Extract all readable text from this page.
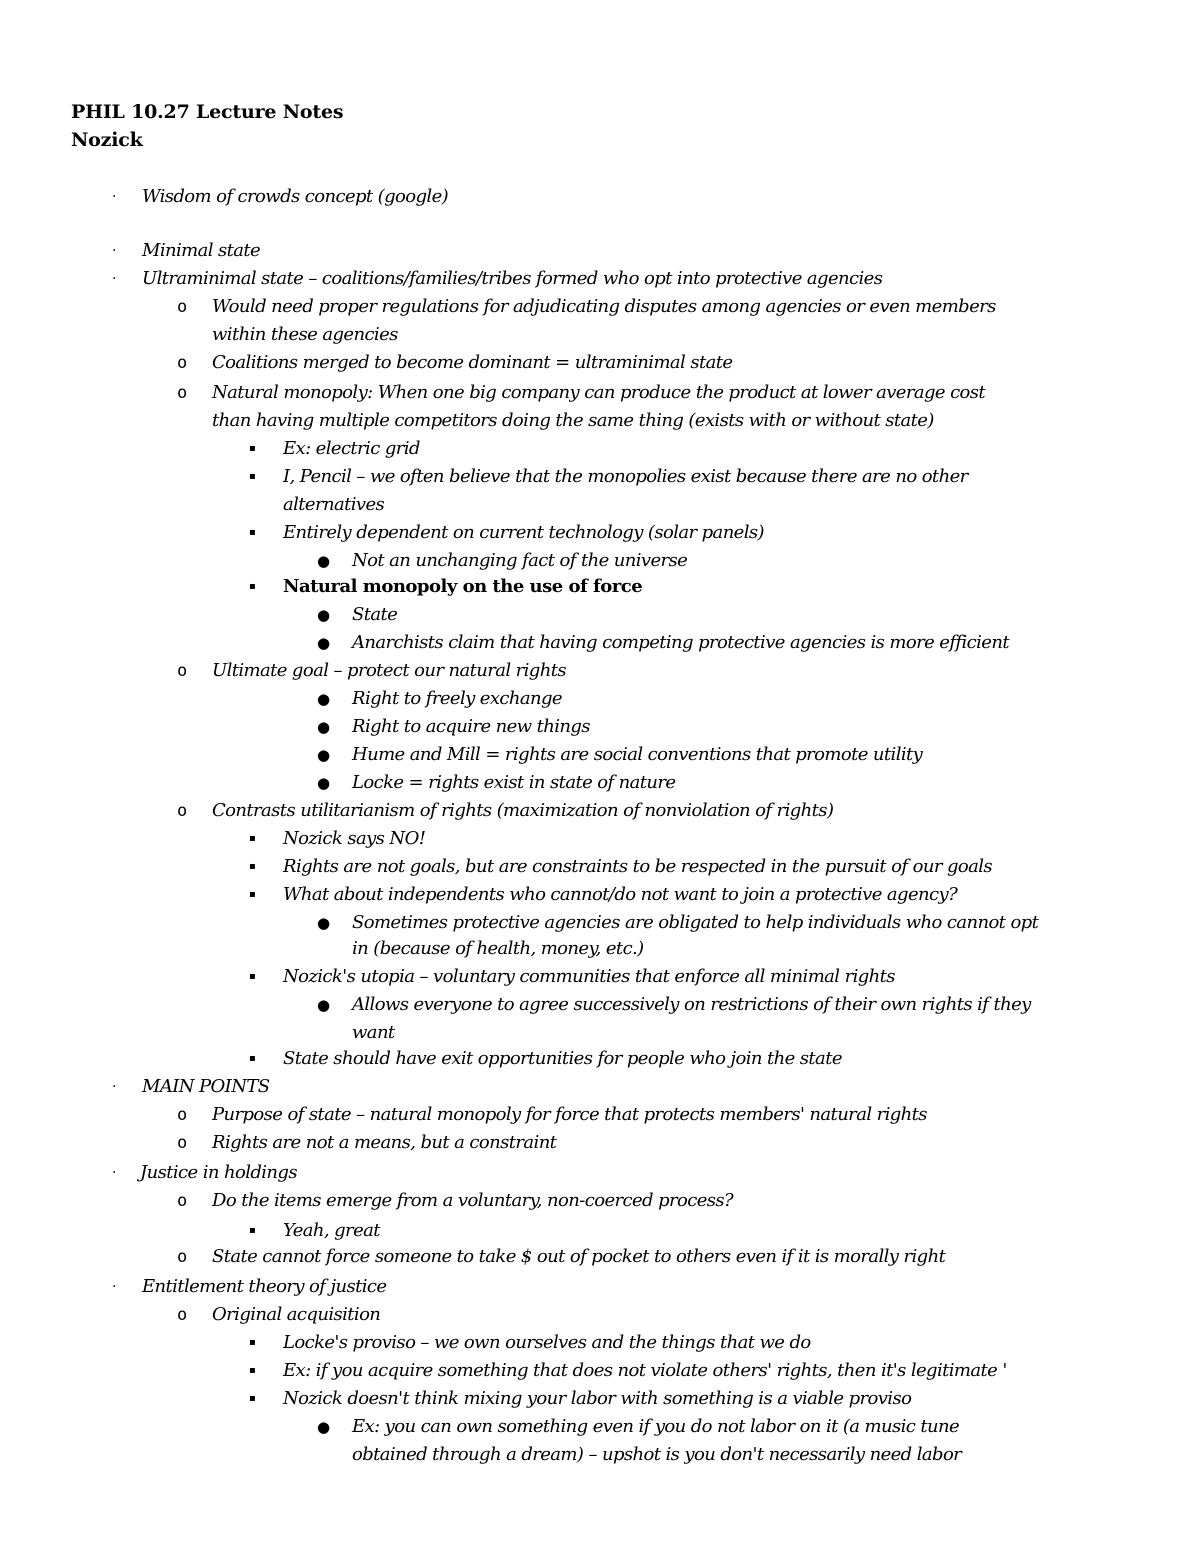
PHIL 10.27 Lecture Notes
Nozick
· Wisdom of crowds concept (google)
· Minimal state
· Ultraminimal state – coalitions/families/tribes formed who opt into protective agencies
o Would need proper regulations for adjudicating disputes among agencies or even members
within these agencies
o Coalitions merged to become dominant = ultraminimal state
o Natural monopoly: When one big company can produce the product at lower average cost
than having multiple competitors doing the same thing (exists with or without state)
▪ Ex: electric grid
▪ I, Pencil – we often believe that the monopolies exist because there are no other
alternatives
▪ Entirely dependent on current technology (solar panels)
● Not an unchanging fact of the universe
▪ Natural monopoly on the use of force
● State
● Anarchists claim that having competing protective agencies is more efficient
o Ultimate goal – protect our natural rights
● Right to freely exchange
● Right to acquire new things
● Hume and Mill = rights are social conventions that promote utility
● Locke = rights exist in state of nature
o Contrasts utilitarianism of rights (maximization of nonviolation of rights)
▪ Nozick says NO!
▪ Rights are not goals, but are constraints to be respected in the pursuit of our goals
▪ What about independents who cannot/do not want to join a protective agency?
● Sometimes protective agencies are obligated to help individuals who cannot opt
in (because of health, money, etc.)
▪ Nozick's utopia – voluntary communities that enforce all minimal rights
● Allows everyone to agree successively on restrictions of their own rights if they
want
▪ State should have exit opportunities for people who join the state
· MAIN POINTS
o Purpose of state – natural monopoly for force that protects members' natural rights
o Rights are not a means, but a constraint
· Justice in holdings
o Do the items emerge from a voluntary, non-coerced process?
▪ Yeah, great
o State cannot force someone to take $ out of pocket to others even if it is morally right
· Entitlement theory of justice
o Original acquisition
▪ Locke's proviso – we own ourselves and the things that we do
▪ Ex: if you acquire something that does not violate others' rights, then it's legitimate '
▪ Nozick doesn't think mixing your labor with something is a viable proviso
● Ex: you can own something even if you do not labor on it (a music tune
obtained through a dream) – upshot is you don't necessarily need labor
